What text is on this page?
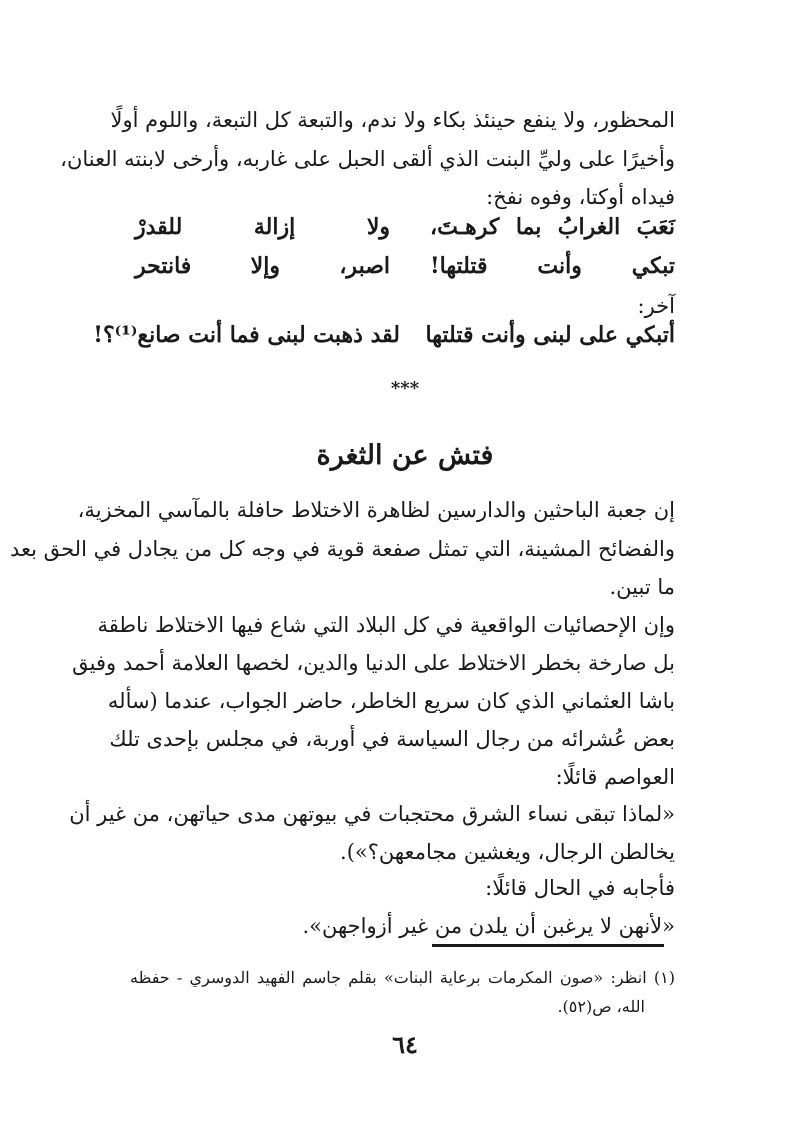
المحظور، ولا ينفع حينئذ بكاء ولا ندم، والتبعة كل التبعة، واللوم أولًا
وأخيرًا على وليِّ البنت الذي ألقى الحبل على غاربه، وأرخى لابنته العنان،
فيداه أوكتا، وفوه نفخ:
نَعَبَ الغرابُ بما كرهـتَ،
ولا إزالة للقدرْ
تبكي وأنت قتلتها!
اصبر، وإلا فانتحر
آخر:
أتبكي على لبنى وأنت قتلتها
لقد ذهبت لبنى فما أنت صانع⁽¹⁾؟!
***
فتش عن الثغرة
إن جعبة الباحثين والدارسين لظاهرة الاختلاط حافلة بالمآسي المخزية،
والفضائح المشينة، التي تمثل صفعة قوية في وجه كل من يجادل في الحق بعد
ما تبين.
وإن الإحصائيات الواقعية في كل البلاد التي شاع فيها الاختلاط ناطقة
بل صارخة بخطر الاختلاط على الدنيا والدين، لخصها العلامة أحمد وفيق
باشا العثماني الذي كان سريع الخاطر، حاضر الجواب، عندما (سأله
بعض عُشرائه من رجال السياسة في أوربة، في مجلس بإحدى تلك
العواصم قائلًا:
«لماذا تبقى نساء الشرق محتجبات في بيوتهن مدى حياتهن، من غير أن
يخالطن الرجال، ويغشين مجامعهن؟»).
فأجابه في الحال قائلًا:
«لأنهن لا يرغبن أن يلدن من غير أزواجهن».
(١) انظر: «صون المكرمات برعاية البنات» بقلم جاسم الفهيد الدوسري - حفظه
الله، ص(٥٢).
٦٤
